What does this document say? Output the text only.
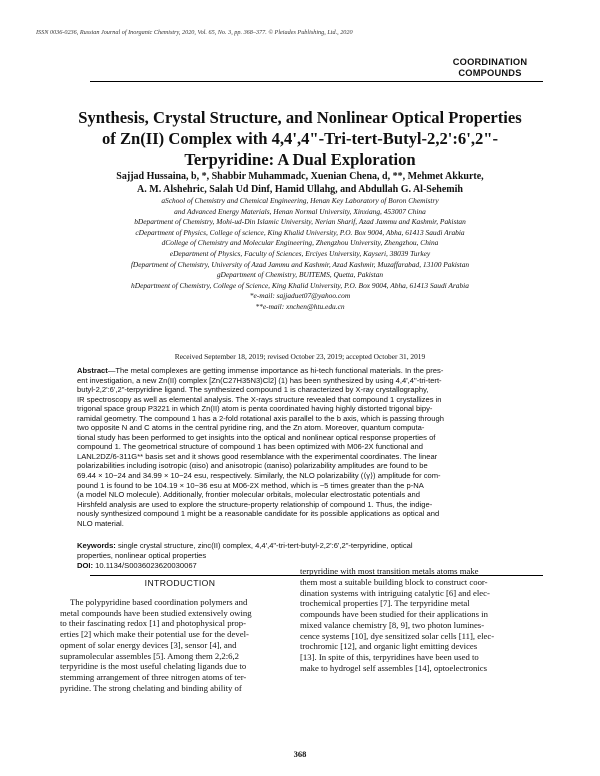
ISSN 0036-0236, Russian Journal of Inorganic Chemistry, 2020, Vol. 65, No. 3, pp. 368–377. © Pleiades Publishing, Ltd., 2020
COORDINATION
COMPOUNDS
Synthesis, Crystal Structure, and Nonlinear Optical Properties
of Zn(II) Complex with 4,4',4"-Tri-tert-Butyl-2,2':6',2"-
Terpyridine: A Dual Exploration
Sajjad Hussaina, b, *, Shabbir Muhammadc, Xuenian Chena, d, **, Mehmet Akkurte,
A. M. Alshehric, Salah Ud Dinf, Hamid Ullahg, and Abdullah G. Al-Sehemih
aSchool of Chemistry and Chemical Engineering, Henan Key Laboratory of Boron Chemistry
and Advanced Energy Materials, Henan Normal University, Xinxiang, 453007 China
bDepartment of Chemistry, Mohi-ud-Din Islamic University, Nerian Sharif, Azad Jammu and Kashmir, Pakistan
cDepartment of Physics, College of science, King Khalid University, P.O. Box 9004, Abha, 61413 Saudi Arabia
dCollege of Chemistry and Molecular Engineering, Zhengzhou University, Zhengzhou, China
eDepartment of Physics, Faculty of Sciences, Erciyes University, Kayseri, 38039 Turkey
fDepartment of Chemistry, University of Azad Jammu and Kashmir, Azad Kashmir, Muzaffarabad, 13100 Pakistan
gDepartment of Chemistry, BUITEMS, Quetta, Pakistan
hDepartment of Chemistry, College of Science, King Khalid University, P.O. Box 9004, Abha, 61413 Saudi Arabia
*e-mail: sajjaduet07@yahoo.com
**e-mail: xnchen@htu.edu.cn
Received September 18, 2019; revised October 23, 2019; accepted October 31, 2019
Abstract—The metal complexes are getting immense importance as hi-tech functional materials. In the pres-
ent investigation, a new Zn(II) complex [Zn(C27H35N3)Cl2] (1) has been synthesized by using 4,4',4"-tri-tert-
butyl-2,2':6',2"-terpyridine ligand. The synthesized compound 1 is characterized by X-ray crystallography,
IR spectroscopy as well as elemental analysis. The X-rays structure revealed that compound 1 crystallizes in
trigonal space group P3221 in which Zn(II) atom is penta coordinated having highly distorted trigonal bipy-
ramidal geometry. The compound 1 has a 2-fold rotational axis parallel to the b axis, which is passing through
two opposite N and C atoms in the central pyridine ring, and the Zn atom. Moreover, quantum computa-
tional study has been performed to get insights into the optical and nonlinear optical response properties of
compound 1. The geometrical structure of compound 1 has been optimized with M06-2X functional and
LANL2DZ/6-311G** basis set and it shows good resemblance with the experimental coordinates. The linear
polarizabilities including isotropic (αiso) and anisotropic (αaniso) polarizability amplitudes are found to be
69.44 × 10−24 and 34.99 × 10−24 esu, respectively. Similarly, the NLO polarizability (⟨γ⟩) amplitude for com-
pound 1 is found to be 104.19 × 10−36 esu at M06-2X method, which is ~5 times greater than the p-NA
(a model NLO molecule). Additionally, frontier molecular orbitals, molecular electrostatic potentials and
Hirshfeld analysis are used to explore the structure-property relationship of compound 1. Thus, the indige-
nously synthesized compound 1 might be a reasonable candidate for its possible applications as optical and
NLO material.
Keywords: single crystal structure, zinc(II) complex, 4,4',4"-tri-tert-butyl-2,2':6',2"-terpyridine, optical
properties, nonlinear optical properties
DOI: 10.1134/S0036023620030067
INTRODUCTION
The polypyridine based coordination polymers and
metal compounds have been studied extensively owing
to their fascinating redox [1] and photophysical prop-
erties [2] which make their potential use for the devel-
opment of solar energy devices [3], sensor [4], and
supramolecular assembles [5]. Among them 2,2:6,2
terpyridine is the most useful chelating ligands due to
stemming arrangement of three nitrogen atoms of ter-
pyridine. The strong chelating and binding ability of
terpyridine with most transition metals atoms make
them most a suitable building block to construct coor-
dination systems with intriguing catalytic [6] and elec-
trochemical properties [7]. The terpyridine metal
compounds have been studied for their applications in
mixed valance chemistry [8, 9], two photon lumines-
cence systems [10], dye sensitized solar cells [11], elec-
trochromic [12], and organic light emitting devices
[13]. In spite of this, terpyridines have been used to
make to hydrogel self assembles [14], optoelectronics
368
